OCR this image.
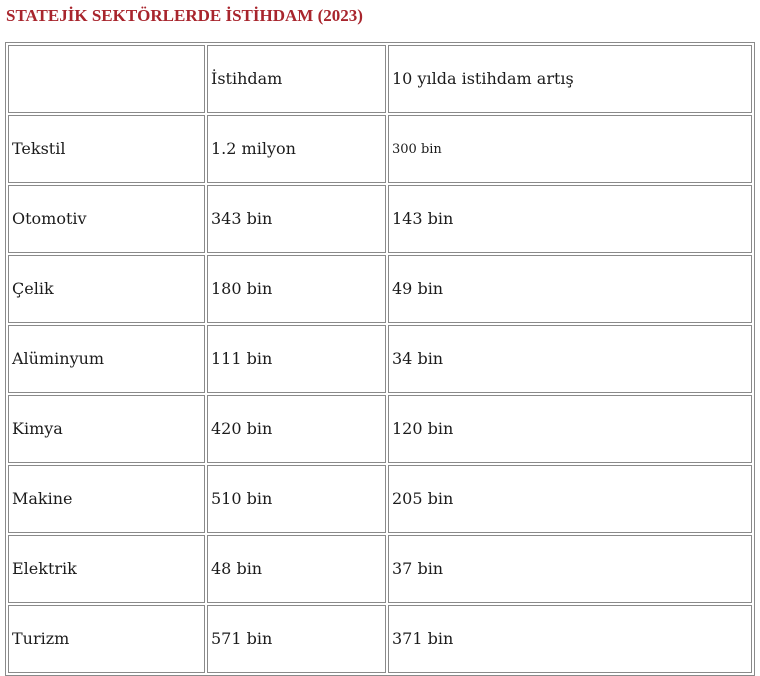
STATEJİK SEKTÖRLERDE İSTİHDAM (2023)
	İstihdam	10 yılda istihdam artış
Tekstil	1.2 milyon	300 bin
Otomotiv	343 bin	143 bin
Çelik	180 bin	49 bin
Alüminyum	111 bin	34 bin
Kimya	420 bin	120 bin
Makine	510 bin	205 bin
Elektrik	48 bin	37 bin
Turizm	571 bin	371 bin
